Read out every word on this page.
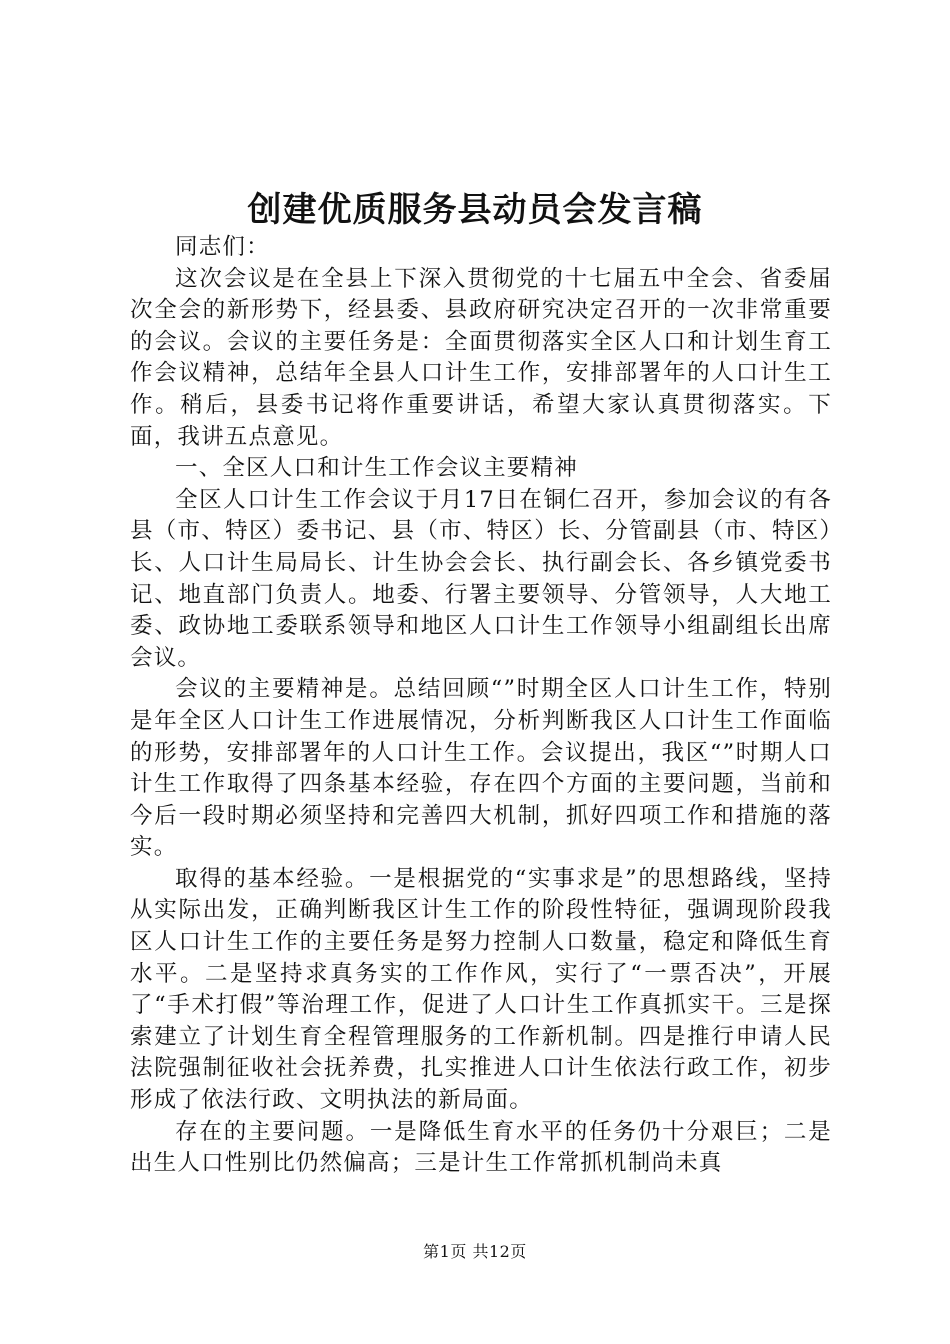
创建优质服务县动员会发言稿

同志们：

这次会议是在全县上下深入贯彻党的十七届五中全会、省委届次全会的新形势下，经县委、县政府研究决定召开的一次非常重要的会议。会议的主要任务是：全面贯彻落实全区人口和计划生育工作会议精神，总结年全县人口计生工作，安排部署年的人口计生工作。稍后，县委书记将作重要讲话，希望大家认真贯彻落实。下面，我讲五点意见。

一、全区人口和计生工作会议主要精神

全区人口计生工作会议于月17日在铜仁召开，参加会议的有各县（市、特区）委书记、县（市、特区）长、分管副县（市、特区）长、人口计生局局长、计生协会会长、执行副会长、各乡镇党委书记、地直部门负责人。地委、行署主要领导、分管领导，人大地工委、政协地工委联系领导和地区人口计生工作领导小组副组长出席会议。

会议的主要精神是。总结回顾“”时期全区人口计生工作，特别是年全区人口计生工作进展情况，分析判断我区人口计生工作面临的形势，安排部署年的人口计生工作。会议提出，我区“”时期人口计生工作取得了四条基本经验，存在四个方面的主要问题，当前和今后一段时期必须坚持和完善四大机制，抓好四项工作和措施的落实。

取得的基本经验。一是根据党的“实事求是”的思想路线，坚持从实际出发，正确判断我区计生工作的阶段性特征，强调现阶段我区人口计生工作的主要任务是努力控制人口数量，稳定和降低生育水平。二是坚持求真务实的工作作风，实行了“一票否决”，开展了“手术打假”等治理工作，促进了人口计生工作真抓实干。三是探索建立了计划生育全程管理服务的工作新机制。四是推行申请人民法院强制征收社会抚养费，扎实推进人口计生依法行政工作，初步形成了依法行政、文明执法的新局面。

存在的主要问题。一是降低生育水平的任务仍十分艰巨；二是出生人口性别比仍然偏高；三是计生工作常抓机制尚未真

第1页 共12页
